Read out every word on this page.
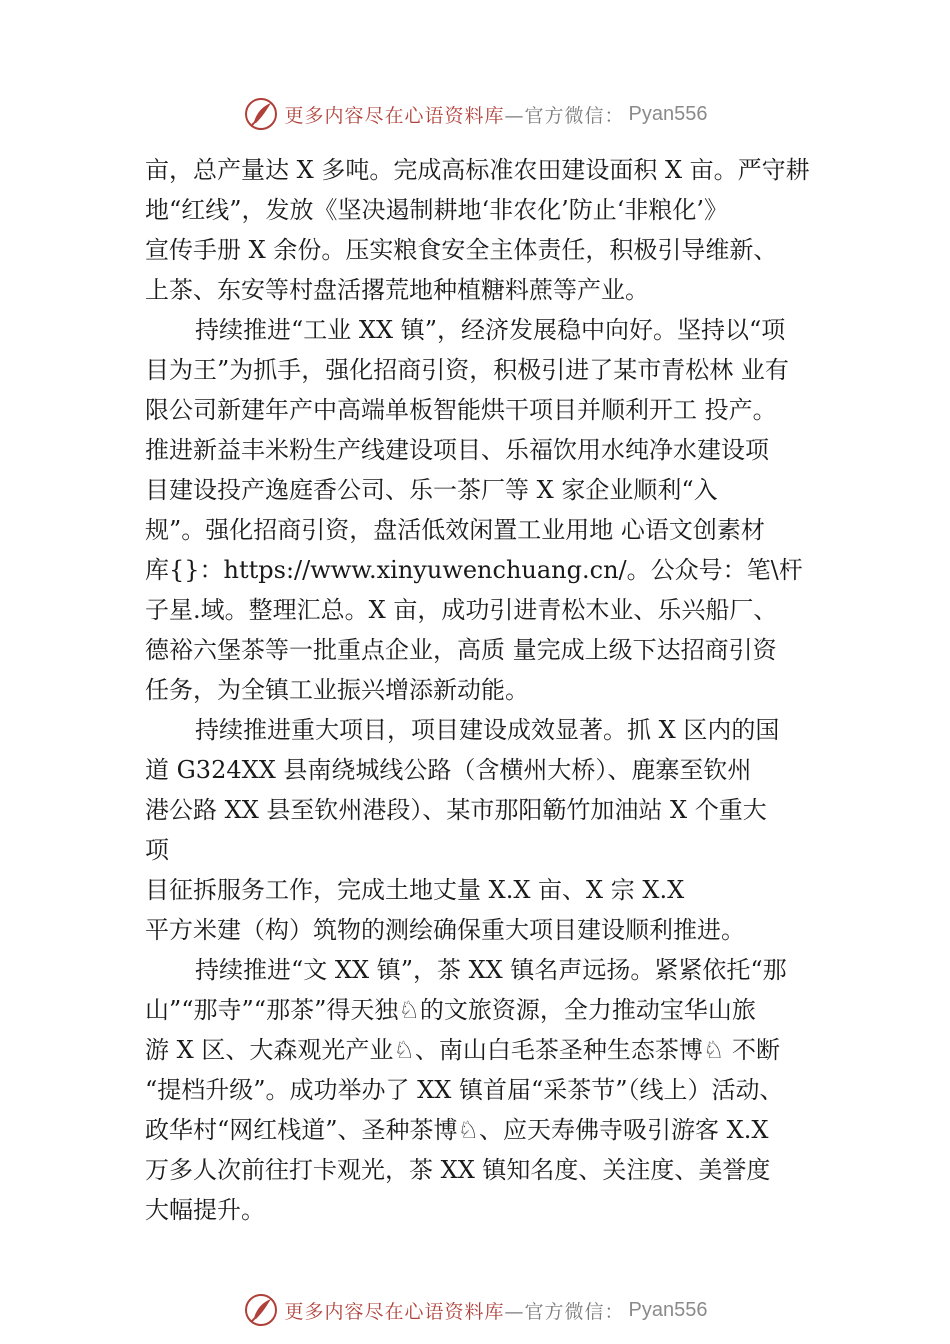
更多内容尽在心语资料库 —官方微信： Pyan556
亩，总产量达 X 多吨。完成高标准农田建设面积 X 亩。严守耕
地“红线”，发放《坚决遏制耕地‘非农化’防止‘非粮化’》
宣传手册 X 余份。压实粮食安全主体责任，积极引导维新、
上茶、东安等村盘活撂荒地种植糖料蔗等产业。
持续推进“工业 XX 镇”，经济发展稳中向好。坚持以“项
目为王”为抓手，强化招商引资，积极引进了某市青松林 业有
限公司新建年产中高端单板智能烘干项目并顺利开工 投产。
推进新益丰米粉生产线建设项目、乐福饮用水纯净水建设项
目建设投产逸庭香公司、乐一茶厂等 X 家企业顺利“入
规”。强化招商引资，盘活低效闲置工业用地 心语文创素材
库{}：https://www.xinyuwenchuang.cn/。公众号：笔\杆
子星.域。整理汇总。X 亩，成功引进青松木业、乐兴船厂、
德裕六堡茶等一批重点企业，高质 量完成上级下达招商引资
任务，为全镇工业振兴增添新动能。
持续推进重大项目，项目建设成效显著。抓 X 区内的国
道 G324XX 县南绕城线公路（含横州大桥）、鹿寨至钦州
港公路 XX 县至钦州港段）、某市那阳簕竹加油站 X 个重大
项
目征拆服务工作，完成土地丈量 X.X 亩、X 宗 X.X
平方米建（构）筑物的测绘确保重大项目建设顺利推进。
持续推进“文 XX 镇”，茶 XX 镇名声远扬。紧紧依托“那
山”“那寺”“那茶”得天独♘的文旅资源，全力推动宝华山旅
游 X 区、大森观光产业♘、南山白毛茶圣种生态茶博♘ 不断
“提档升级”。成功举办了 XX 镇首届“采茶节”（线上）活动、
政华村“网红栈道”、圣种茶博♘、应天寿佛寺吸引游客 X.X
万多人次前往打卡观光，茶 XX 镇知名度、关注度、美誉度
大幅提升。
更多内容尽在心语资料库 —官方微信： Pyan556
